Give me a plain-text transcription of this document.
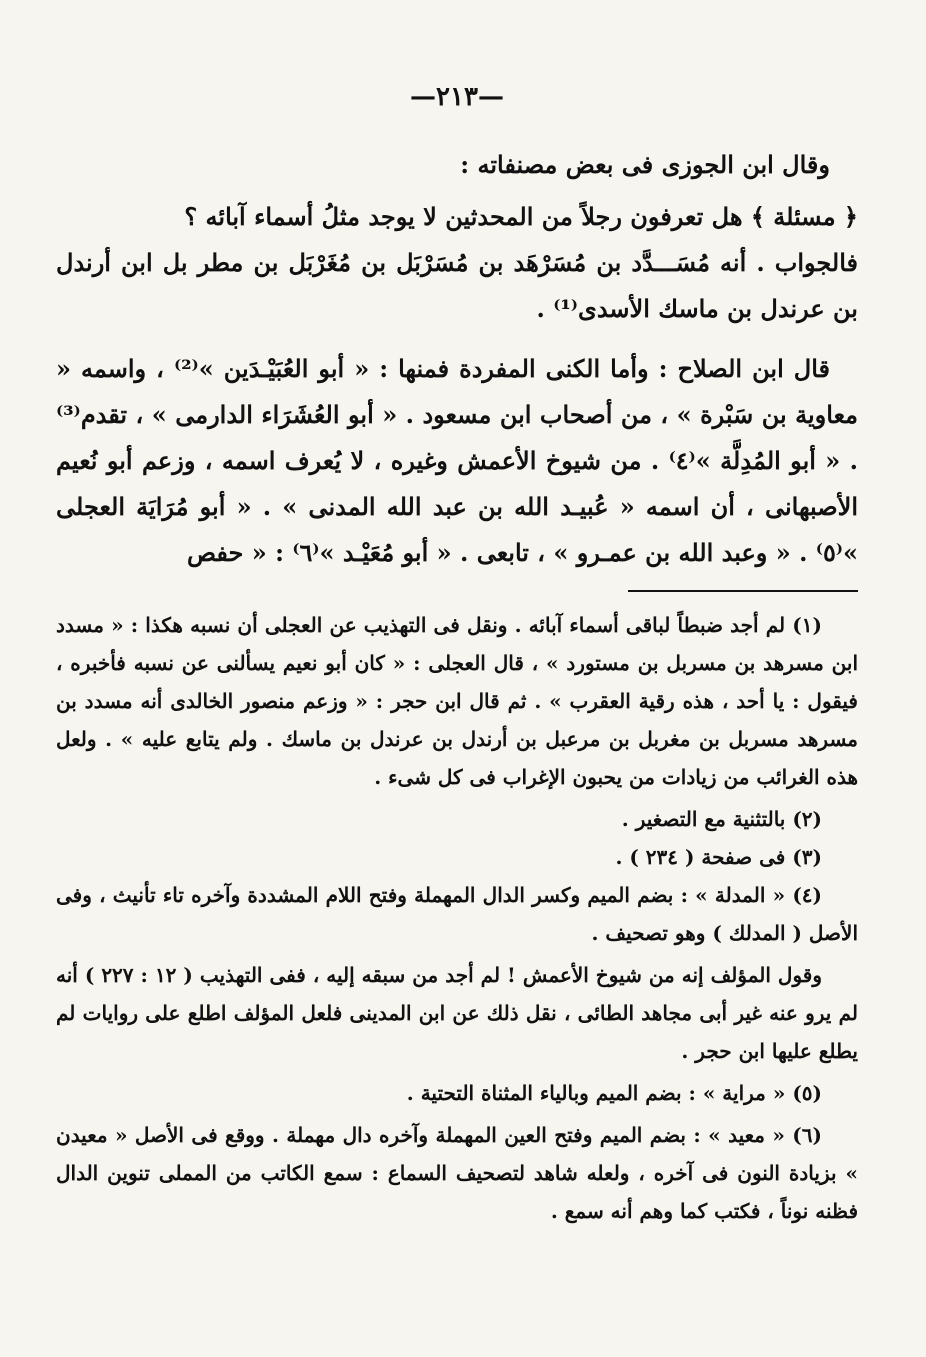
—٢١٣—

وقال ابن الجوزى فى بعض مصنفاته :

﴿ مسئلة ﴾ هل تعرفون رجلاً من المحدثين لا يوجد مثلُ أسماء آبائه ؟

فالجواب . أنه مُسَـــدَّد بن مُسَرْهَد بن مُسَرْبَل بن مُغَرْبَل بن مطر بل ابن أرندل بن عرندل بن ماسك الأسدى⁽¹⁾ .

قال ابن الصلاح : وأما الكنى المفردة فمنها : « أبو العُبَيْـدَين »⁽²⁾ ، واسمه « معاوية بن سَبْرة » ، من أصحاب ابن مسعود . « أبو العُشَرَاء الدارمى » ، تقدم⁽³⁾ . « أبو المُدِلَّة »⁽٤⁾ . من شيوخ الأعمش وغيره ، لا يُعرف اسمه ، وزعم أبو نُعيم الأصبهانى ، أن اسمه « عُبيـد الله بن عبد الله المدنى » . « أبو مُرَايَة العجلى »⁽٥⁾ . « وعبد الله بن عمـرو » ، تابعى . « أبو مُعَيْـد »⁽٦⁾ : « حفص

(١) لم أجد ضبطاً لباقى أسماء آبائه . ونقل فى التهذيب عن العجلى أن نسبه هكذا : « مسدد ابن مسرهد بن مسربل بن مستورد » ، قال العجلى : « كان أبو نعيم يسألنى عن نسبه فأخبره ، فيقول : يا أحد ، هذه رقية العقرب » . ثم قال ابن حجر : « وزعم منصور الخالدى أنه مسدد بن مسرهد مسربل بن مغربل بن مرعبل بن أرندل بن عرندل بن ماسك . ولم يتابع عليه » . ولعل هذه الغرائب من زيادات من يحبون الإغراب فى كل شىء .

(٢) بالتثنية مع التصغير .

(٣) فى صفحة ( ٢٣٤ ) .

(٤) « المدلة » : بضم الميم وكسر الدال المهملة وفتح اللام المشددة وآخره تاء تأنيث ، وفى الأصل ( المدلك ) وهو تصحيف .

وقول المؤلف إنه من شيوخ الأعمش ! لم أجد من سبقه إليه ، ففى التهذيب ( ١٢ : ٢٢٧ ) أنه لم يرو عنه غير أبى مجاهد الطائى ، نقل ذلك عن ابن المدينى فلعل المؤلف اطلع على روايات لم يطلع عليها ابن حجر .

(٥) « مراية » : بضم الميم وبالياء المثناة التحتية .

(٦) « معيد » : بضم الميم وفتح العين المهملة وآخره دال مهملة . ووقع فى الأصل « معيدن » بزيادة النون فى آخره ، ولعله شاهد لتصحيف السماع : سمع الكاتب من المملى تنوين الدال فظنه نوناً ، فكتب كما وهم أنه سمع .
